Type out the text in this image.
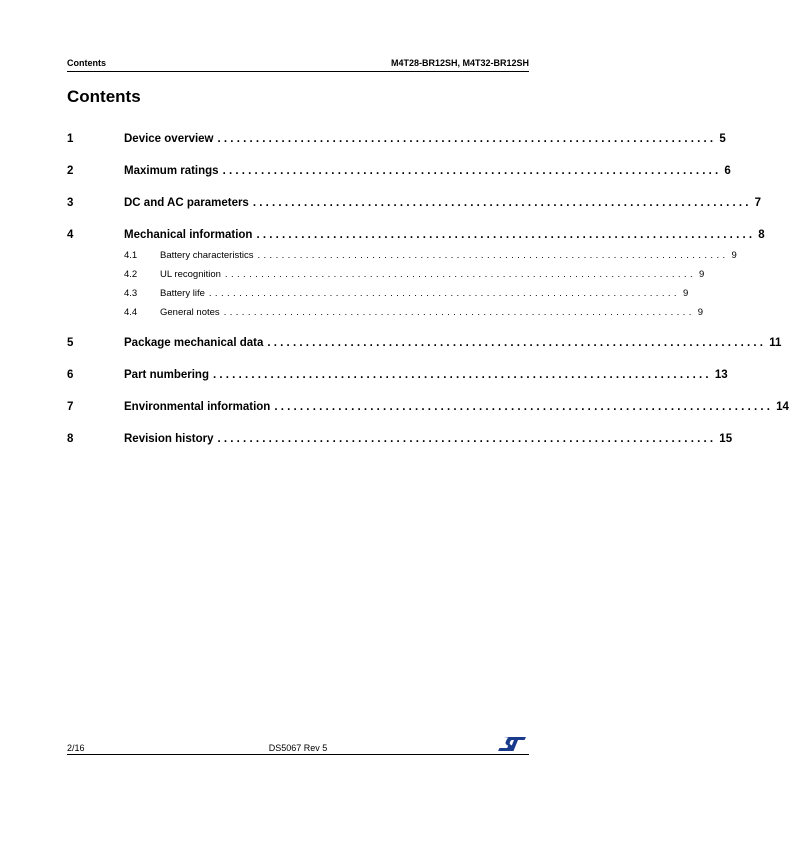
Contents	M4T28-BR12SH, M4T32-BR12SH
Contents
1	Device overview .............................................................................. 5
2	Maximum ratings .............................................................................. 6
3	DC and AC parameters .............................................................................. 7
4	Mechanical information .............................................................................. 8
4.1 Battery characteristics .............................................................................. 9
4.2 UL recognition .............................................................................. 9
4.3 Battery life .............................................................................. 9
4.4 General notes .............................................................................. 9
5	Package mechanical data .............................................................................. 11
6	Part numbering .............................................................................. 13
7	Environmental information .............................................................................. 14
8	Revision history .............................................................................. 15
2/16	DS5067 Rev 5
